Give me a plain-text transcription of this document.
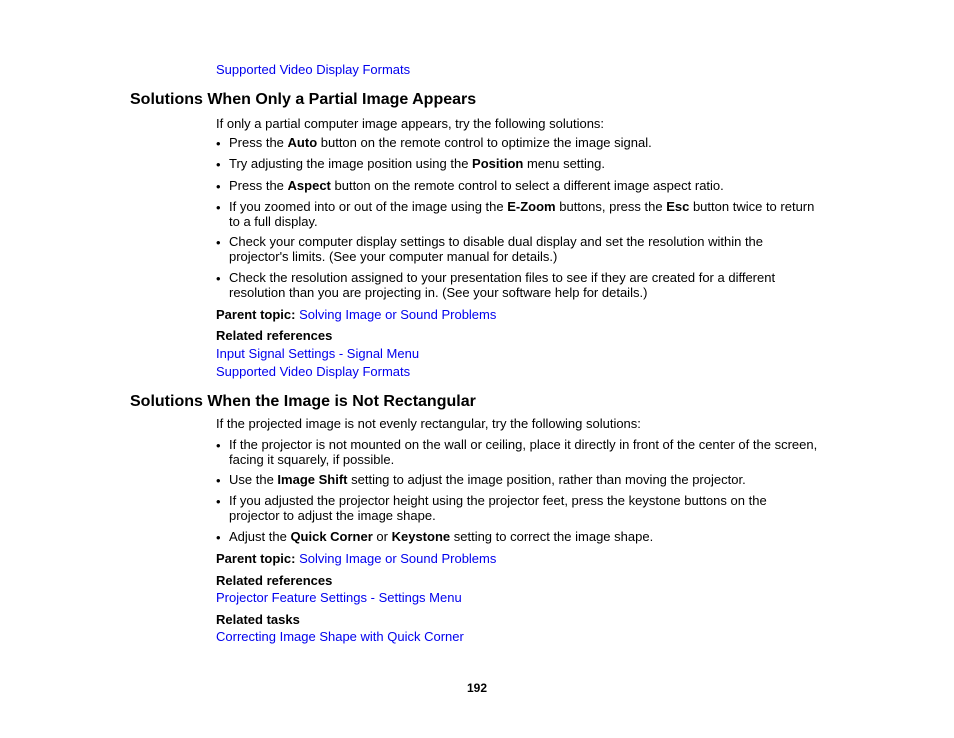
Supported Video Display Formats
Solutions When Only a Partial Image Appears
If only a partial computer image appears, try the following solutions:
• Press the Auto button on the remote control to optimize the image signal.
• Try adjusting the image position using the Position menu setting.
• Press the Aspect button on the remote control to select a different image aspect ratio.
• If you zoomed into or out of the image using the E-Zoom buttons, press the Esc button twice to return
to a full display.
• Check your computer display settings to disable dual display and set the resolution within the
projector's limits. (See your computer manual for details.)
• Check the resolution assigned to your presentation files to see if they are created for a different
resolution than you are projecting in. (See your software help for details.)
Parent topic: Solving Image or Sound Problems
Related references
Input Signal Settings - Signal Menu
Supported Video Display Formats
Solutions When the Image is Not Rectangular
If the projected image is not evenly rectangular, try the following solutions:
• If the projector is not mounted on the wall or ceiling, place it directly in front of the center of the screen,
facing it squarely, if possible.
• Use the Image Shift setting to adjust the image position, rather than moving the projector.
• If you adjusted the projector height using the projector feet, press the keystone buttons on the
projector to adjust the image shape.
• Adjust the Quick Corner or Keystone setting to correct the image shape.
Parent topic: Solving Image or Sound Problems
Related references
Projector Feature Settings - Settings Menu
Related tasks
Correcting Image Shape with Quick Corner
192
